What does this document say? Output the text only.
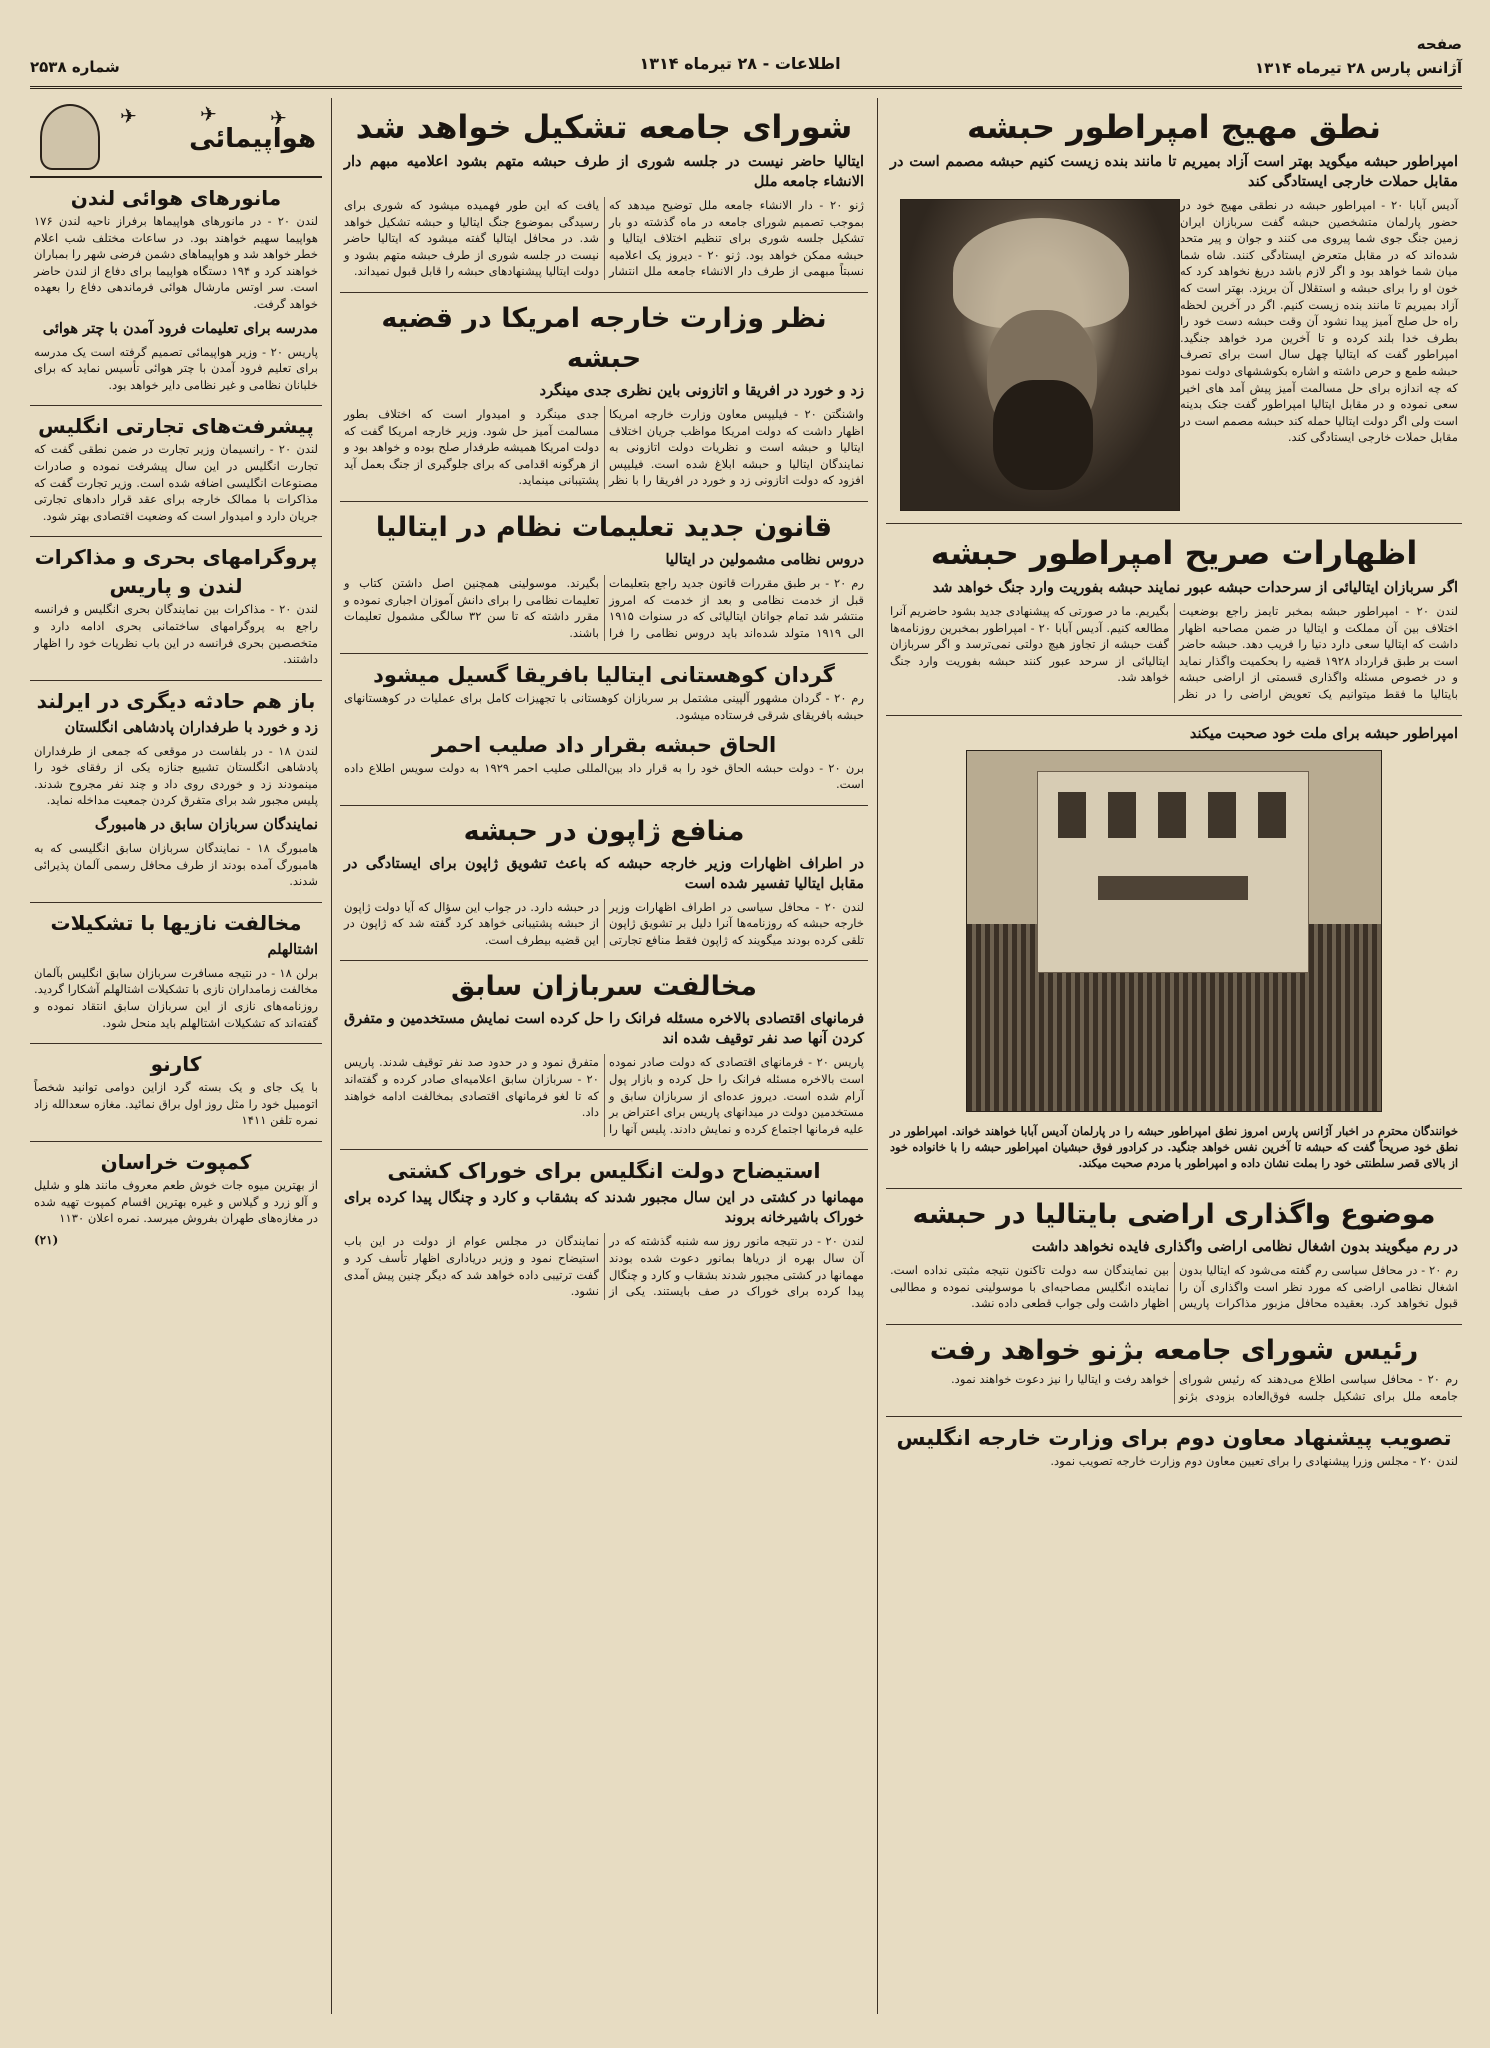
شماره ۲۵۳۸	اطلاعات - ۲۸ تیرماه ۱۳۱۴
صفحه
آژانس پارس ۲۸ تیرماه ۱۳۱۴
نطق مهیج امپراطور حبشه
امپراطور حبشه میگوید بهتر است آزاد بمیریم تا مانند بنده زیست کنیم حبشه مصمم است در مقابل حملات خارجی ایستادگی کند

آدیس آبابا ۲۰ - امپراطور حبشه در نطقی مهیج خود در حضور پارلمان متشخصین حبشه گفت سربازان ایران زمین جنگ جوی شما پیروی می کنند و جوان و پیر متحد شده‌اند که در مقابل متعرض ایستادگی کنند. شاه شما میان شما خواهد بود و اگر لازم باشد دریغ نخواهد کرد که خون او را برای حبشه و استقلال آن بریزد. بهتر است که آزاد بمیریم تا مانند بنده زیست کنیم. اگر در آخرین لحظه راه حل صلح آمیز پیدا نشود آن وقت حبشه دست خود را بطرف خدا بلند کرده و تا آخرین مرد خواهد جنگید. امپراطور گفت که ایتالیا چهل سال است برای تصرف حبشه طمع و حرص داشته و اشاره بکوششهای دولت نمود که چه اندازه برای حل مسالمت آمیز پیش آمد های اخیر سعی نموده و در مقابل ایتالیا امپراطور گفت جنک بدینه است ولی اگر دولت ایتالیا حمله کند حبشه مصمم است در مقابل حملات خارجی ایستادگی کند.

اظهارات صریح امپراطور حبشه
اگر سربازان ایتالیائی از سرحدات حبشه عبور نمایند حبشه بفوریت وارد جنگ خواهد شد

لندن ۲۰ - امپراطور حبشه بمخبر تایمز راجع بوضعیت اختلاف بین آن مملکت و ایتالیا در ضمن مصاحبه اظهار داشت که ایتالیا سعی دارد دنیا را فریب دهد. حبشه حاضر است بر طبق قرارداد ۱۹۲۸ قضیه را بحکمیت واگذار نماید و در خصوص مسئله واگذاری قسمتی از اراضی حبشه بایتالیا ما فقط میتوانیم یک تعویض اراضی را در نظر بگیریم. ما در صورتی که پیشنهادی جدید بشود حاضریم آنرا مطالعه کنیم. آدیس آبابا ۲۰ - امپراطور بمخبرین روزنامه‌ها گفت حبشه از تجاوز هیچ دولتی نمی‌ترسد و اگر سربازان ایتالیائی از سرحد عبور کنند حبشه بفوریت وارد جنگ خواهد شد.

امپراطور حبشه برای ملت خود صحبت میکند

خوانندگان محترم در اخبار آژانس پارس امروز نطق امپراطور حبشه را در پارلمان آدیس آبابا خواهند خواند. امپراطور در نطق خود صریحاً گفت که حبشه تا آخرین نفس خواهد جنگید. در کرادور فوق حبشیان امپراطور حبشه را با خانواده خود از بالای قصر سلطنتی خود را بملت نشان داده و امپراطور با مردم صحبت میکند.

موضوع واگذاری اراضی بایتالیا در حبشه
در رم میگویند بدون اشغال نظامی اراضی واگذاری فایده نخواهد داشت

رم ۲۰ - در محافل سیاسی رم گفته می‌شود که ایتالیا بدون اشغال نظامی اراضی که مورد نظر است واگذاری آن را قبول نخواهد کرد. بعقیده محافل مزبور مذاکرات پاریس بین نمایندگان سه دولت تاکنون نتیجه مثبتی نداده است. نماینده انگلیس مصاحبه‌ای با موسولینی نموده و مطالبی اظهار داشت ولی جواب قطعی داده نشد.

رئیس شورای جامعه بژنو خواهد رفت

رم ۲۰ - محافل سیاسی اطلاع می‌دهند که رئیس شورای جامعه ملل برای تشکیل جلسه فوق‌العاده بزودی بژنو خواهد رفت و ایتالیا را نیز دعوت خواهند نمود.

تصویب پیشنهاد معاون دوم برای وزارت خارجه انگلیس

لندن ۲۰ - مجلس وزرا پیشنهادی را برای تعیین معاون دوم وزارت خارجه تصویب نمود.

شورای جامعه تشکیل خواهد شد
ایتالیا حاضر نیست در جلسه شوری از طرف حبشه متهم بشود اعلامیه مبهم دار الانشاء جامعه ملل

ژنو ۲۰ - دار الانشاء جامعه ملل توضیح میدهد که بموجب تصمیم شورای جامعه در ماه گذشته دو بار تشکیل جلسه شوری برای تنظیم اختلاف ایتالیا و حبشه ممکن خواهد بود. ژنو ۲۰ - دیروز یک اعلامیه نسبتاً مبهمی از طرف دار الانشاء جامعه ملل انتشار یافت که این طور فهمیده میشود که شوری برای رسیدگی بموضوع جنگ ایتالیا و حبشه تشکیل خواهد شد. در محافل ایتالیا گفته میشود که ایتالیا حاضر نیست در جلسه شوری از طرف حبشه متهم بشود و دولت ایتالیا پیشنهادهای حبشه را قابل قبول نمیداند.

نظر وزارت خارجه امریکا در قضیه حبشه
زد و خورد در افریقا و اتازونی باین نظری جدی مینگرد

واشنگتن ۲۰ - فیلیپس معاون وزارت خارجه امریکا اظهار داشت که دولت امریکا مواظب جریان اختلاف ایتالیا و حبشه است و نظریات دولت اتازونی به نمایندگان ایتالیا و حبشه ابلاغ شده است. فیلیپس افزود که دولت اتازونی زد و خورد در افریقا را با نظر جدی مینگرد و امیدوار است که اختلاف بطور مسالمت آمیز حل شود. وزیر خارجه امریکا گفت که دولت امریکا همیشه طرفدار صلح بوده و خواهد بود و از هرگونه اقدامی که برای جلوگیری از جنگ بعمل آید پشتیبانی مینماید.

قانون جدید تعلیمات نظام در ایتالیا
دروس نظامی مشمولین در ایتالیا

رم ۲۰ - بر طبق مقررات قانون جدید راجع بتعلیمات قبل از خدمت نظامی و بعد از خدمت که امروز منتشر شد تمام جوانان ایتالیائی که در سنوات ۱۹۱۵ الی ۱۹۱۹ متولد شده‌اند باید دروس نظامی را فرا بگیرند. موسولینی همچنین اصل داشتن کتاب و تعلیمات نظامی را برای دانش آموزان اجباری نموده و مقرر داشته که تا سن ۳۲ سالگی مشمول تعلیمات باشند.

گردان کوهستانی ایتالیا بافریقا گسیل میشود

رم ۲۰ - گردان مشهور آلپینی مشتمل بر سربازان کوهستانی با تجهیزات کامل برای عملیات در کوهستانهای حبشه بافریقای شرقی فرستاده میشود.

الحاق حبشه بقرار داد صلیب احمر

برن ۲۰ - دولت حبشه الحاق خود را به قرار داد بین‌المللی صلیب احمر ۱۹۲۹ به دولت سویس اطلاع داده است.

منافع ژاپون در حبشه
در اطراف اظهارات وزیر خارجه حبشه که باعث تشویق ژاپون برای ایستادگی در مقابل ایتالیا تفسیر شده است

لندن ۲۰ - محافل سیاسی در اطراف اظهارات وزیر خارجه حبشه که روزنامه‌ها آنرا دلیل بر تشویق ژاپون تلقی کرده بودند میگویند که ژاپون فقط منافع تجارتی در حبشه دارد. در جواب این سؤال که آیا دولت ژاپون از حبشه پشتیبانی خواهد کرد گفته شد که ژاپون در این قضیه بیطرف است.

مخالفت سربازان سابق
فرمانهای اقتصادی بالاخره مسئله فرانک را حل کرده است نمایش مستخدمین و متفرق کردن آنها صد نفر توقیف شده اند

پاریس ۲۰ - فرمانهای اقتصادی که دولت صادر نموده است بالاخره مسئله فرانک را حل کرده و بازار پول آرام شده است. دیروز عده‌ای از سربازان سابق و مستخدمین دولت در میدانهای پاریس برای اعتراض بر علیه فرمانها اجتماع کرده و نمایش دادند. پلیس آنها را متفرق نمود و در حدود صد نفر توقیف شدند. پاریس ۲۰ - سربازان سابق اعلامیه‌ای صادر کرده و گفته‌اند که تا لغو فرمانهای اقتصادی بمخالفت ادامه خواهند داد.

استیضاح دولت انگلیس برای خوراک کشتی
مهمانها در کشتی در این سال مجبور شدند که بشقاب و کارد و چنگال پیدا کرده برای خوراک باشیرخانه بروند

لندن ۲۰ - در نتیجه مانور روز سه شنبه گذشته که در آن سال بهره از دریاها بمانور دعوت شده بودند مهمانها در کشتی مجبور شدند بشقاب و کارد و چنگال پیدا کرده برای خوراک در صف بایستند. یکی از نمایندگان در مجلس عوام از دولت در این باب استیضاح نمود و وزیر دریاداری اظهار تأسف کرد و گفت ترتیبی داده خواهد شد که دیگر چنین پیش آمدی نشود.

✈	✈	✈
هواپیمائی
مانورهای هوائی لندن

لندن ۲۰ - در مانورهای هواپیماها برفراز ناحیه لندن ۱۷۶ هواپیما سهیم خواهند بود. در ساعات مختلف شب اعلام خطر خواهد شد و هواپیماهای دشمن فرضی شهر را بمباران خواهند کرد و ۱۹۴ دستگاه هواپیما برای دفاع از لندن حاضر است. سر اوتس مارشال هوائی فرماندهی دفاع را بعهده خواهد گرفت.

مدرسه برای تعلیمات فرود آمدن با چتر هوائی

پاریس ۲۰ - وزیر هواپیمائی تصمیم گرفته است یک مدرسه برای تعلیم فرود آمدن با چتر هوائی تأسیس نماید که برای خلبانان نظامی و غیر نظامی دایر خواهد بود.

پیشرفت‌های تجارتی انگلیس

لندن ۲۰ - رانسیمان وزیر تجارت در ضمن نطقی گفت که تجارت انگلیس در این سال پیشرفت نموده و صادرات مصنوعات انگلیسی اضافه شده است. وزیر تجارت گفت که مذاکرات با ممالک خارجه برای عقد قرار دادهای تجارتی جریان دارد و امیدوار است که وضعیت اقتصادی بهتر شود.

پروگرامهای بحری و مذاکرات لندن و پاریس

لندن ۲۰ - مذاکرات بین نمایندگان بحری انگلیس و فرانسه راجع به پروگرامهای ساختمانی بحری ادامه دارد و متخصصین بحری فرانسه در این باب نظریات خود را اظهار داشتند.

باز هم حادثه دیگری در ایرلند
زد و خورد با طرفداران پادشاهی انگلستان

لندن ۱۸ - در بلفاست در موقعی که جمعی از طرفداران پادشاهی انگلستان تشییع جنازه یکی از رفقای خود را مینمودند زد و خوردی روی داد و چند نفر مجروح شدند. پلیس مجبور شد برای متفرق کردن جمعیت مداخله نماید.

نمایندگان سربازان سابق در هامبورگ

هامبورگ ۱۸ - نمایندگان سربازان سابق انگلیسی که به هامبورگ آمده بودند از طرف محافل رسمی آلمان پذیرائی شدند.

مخالفت نازیها با تشکیلات
اشتالهلم

برلن ۱۸ - در نتیجه مسافرت سربازان سابق انگلیس بآلمان مخالفت زمامداران نازی با تشکیلات اشتالهلم آشکارا گردید. روزنامه‌های نازی از این سربازان سابق انتقاد نموده و گفته‌اند که تشکیلات اشتالهلم باید منحل شود.

کارنو

با یک جای و یک بسته گرد ازاین دوامی توانید شخصاً اتومبیل خود را مثل روز اول براق نمائید. مغازه سعدالله زاد نمره تلفن ۱۴۱۱

کمپوت خراسان

از بهترین میوه جات خوش طعم معروف مانند هلو و شلیل و آلو زرد و گیلاس و غیره بهترین اقسام کمپوت تهیه شده در مغازه‌های طهران بفروش میرسد. نمره اعلان ۱۱۳۰

(۲۱)
